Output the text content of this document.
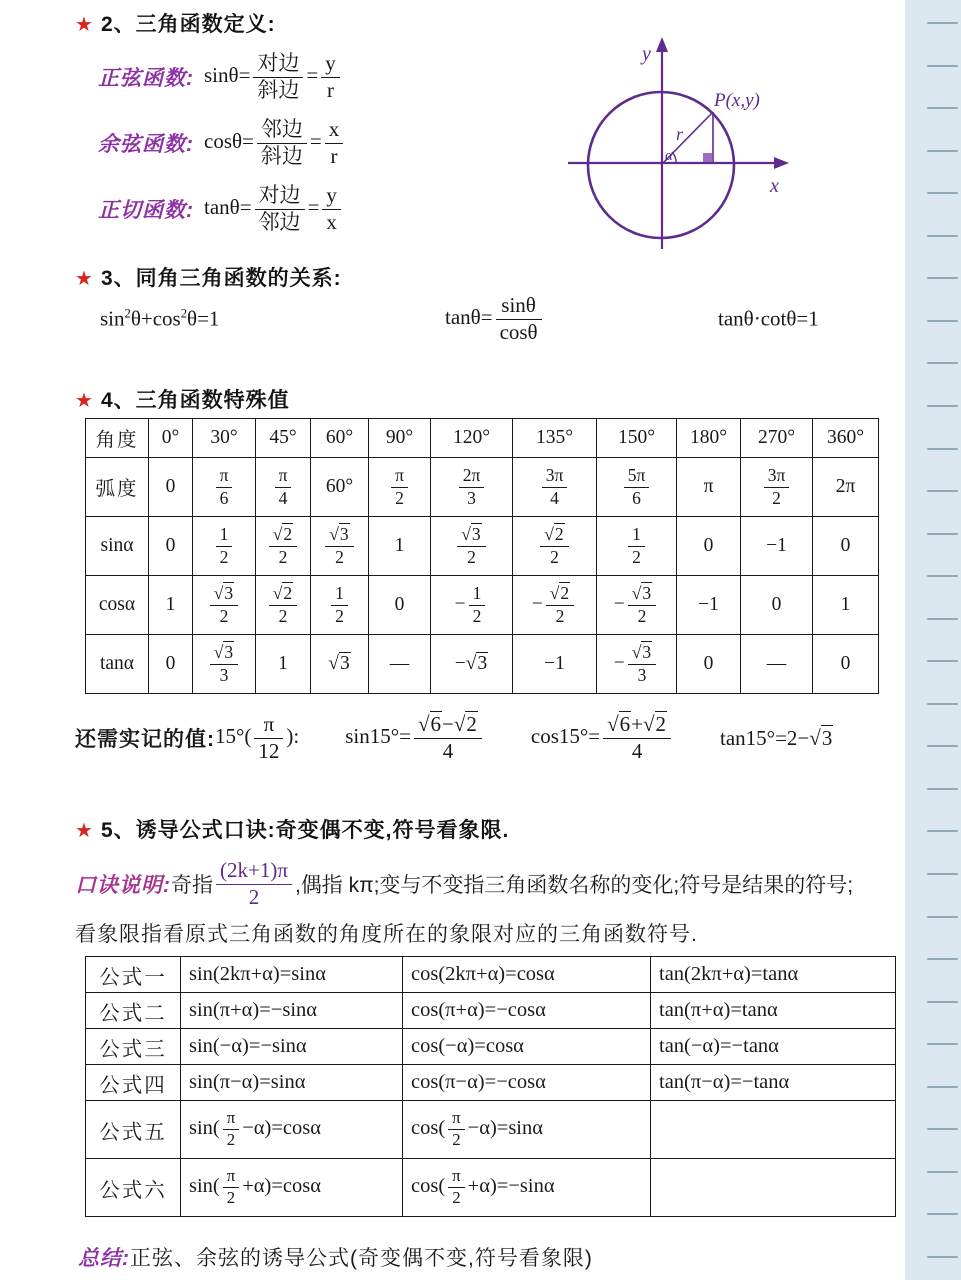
★ 2、三角函数定义:
正弦函数: $\sin\theta= \frac{\text{对边}}{\text{斜边}} = \frac{y}{r}$
余弦函数: $\cos\theta= \frac{\text{邻边}}{\text{斜边}} = \frac{x}{r}$
正切函数: $\tan\theta= \frac{\text{对边}}{\text{邻边}} = \frac{y}{x}$
y
x
P(x,y)
r
α
★ 3、同角三角函数的关系:
$\sin^2\theta+\cos^2\theta=1$	$\tan\theta= \frac{\sin\theta}{\cos\theta}$	tanθ·cotθ=1
★ 4、三角函数特殊值
角度	0°	30°	45°	60°	90°	120°	135°	150°	180°	270°	360°
弧度	0	$\frac{\pi}{6}$	$\frac{\pi}{4}$	60°	$\frac{\pi}{2}$	$\frac{2\pi}{3}$	$\frac{3\pi}{4}$	$\frac{5\pi}{6}$	π	$\frac{3\pi}{2}$	2π
sinα	0	$\frac{1}{2}$	$\frac{√2}{2}$	$\frac{√3}{2}$	1	$\frac{√3}{2}$	$\frac{√2}{2}$	$\frac{1}{2}$	0	−1	0
cosα	1	$\frac{√3}{2}$	$\frac{√2}{2}$	$\frac{1}{2}$	0	− $\frac{1}{2}$	− $\frac{√2}{2}$	− $\frac{√3}{2}$	−1	0	1
tanα	0	$\frac{√3}{3}$	1	√3	—	−√3	−1	− $\frac{√3}{3}$	0	—	0
还需实记的值: $15^\circ( \frac{\pi}{12}$ ): $\sin 15^\circ= \frac{√6-√2}{4} \cos 15^\circ= \frac{√6+√2}{4} \tan 15^\circ=2-√3$
★ 5、诱导公式口诀:奇变偶不变,符号看象限.
口诀说明: 奇指 $\frac{(2k+1)\pi}{2}$ ,偶指 kπ;变与不变指三角函数名称的变化;符号是结果的符号;
看象限指看原式三角函数的角度所在的象限对应的三角函数符号.
公式一	sin(2kπ+α)=sinα	cos(2kπ+α)=cosα	tan(2kπ+α)=tanα
公式二	sin(π+α)=−sinα	cos(π+α)=−cosα	tan(π+α)=tanα
公式三	sin(−α)=−sinα	cos(−α)=cosα	tan(−α)=−tanα
公式四	sin(π−α)=sinα	cos(π−α)=−cosα	tan(π−α)=−tanα
公式五	$\sin( \frac{\pi}{2} -\alpha)=\cos\alpha$	$\cos( \frac{\pi}{2} -\alpha)=\sin\alpha$	
公式六	$\sin( \frac{\pi}{2} +\alpha)=\cos\alpha$	$\cos( \frac{\pi}{2} +\alpha)=-\sin\alpha$	
总结:正弦、余弦的诱导公式(奇变偶不变,符号看象限)
